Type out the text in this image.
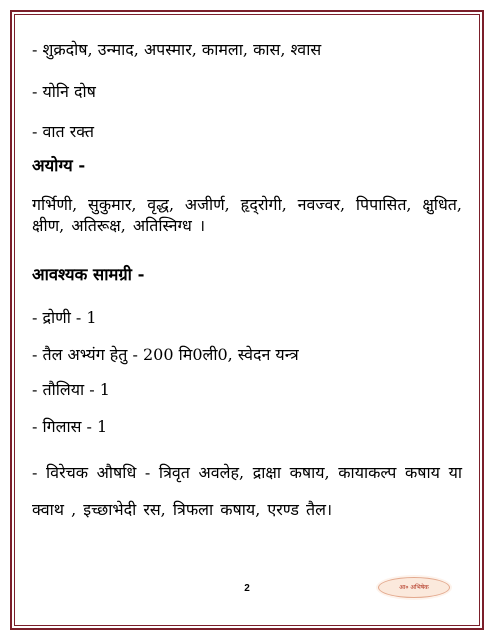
- शुक्रदोष, उन्माद, अपस्मार, कामला, कास, श्वास
- योनि दोष
- वात रक्त
अयोग्य -
गर्भिणी, सुकुमार, वृद्ध, अजीर्ण, हृद्‌रोगी, नवज्वर, पिपासित, क्षुधित, क्षीण, अतिरूक्ष, अतिस्निग्ध ।
आवश्यक सामग्री -
- द्रोणी - 1
- तैल अभ्यंग हेतु - 200 मि0ली0, स्वेदन यन्त्र
- तौलिया - 1
- गिलास - 1
- विरेचक औषधि - त्रिवृत अवलेह, द्राक्षा कषाय, कायाकल्प कषाय या क्वाथ , इच्छाभेदी रस, त्रिफला कषाय, एरण्ड तैल।
2	आ० अभिषेक
